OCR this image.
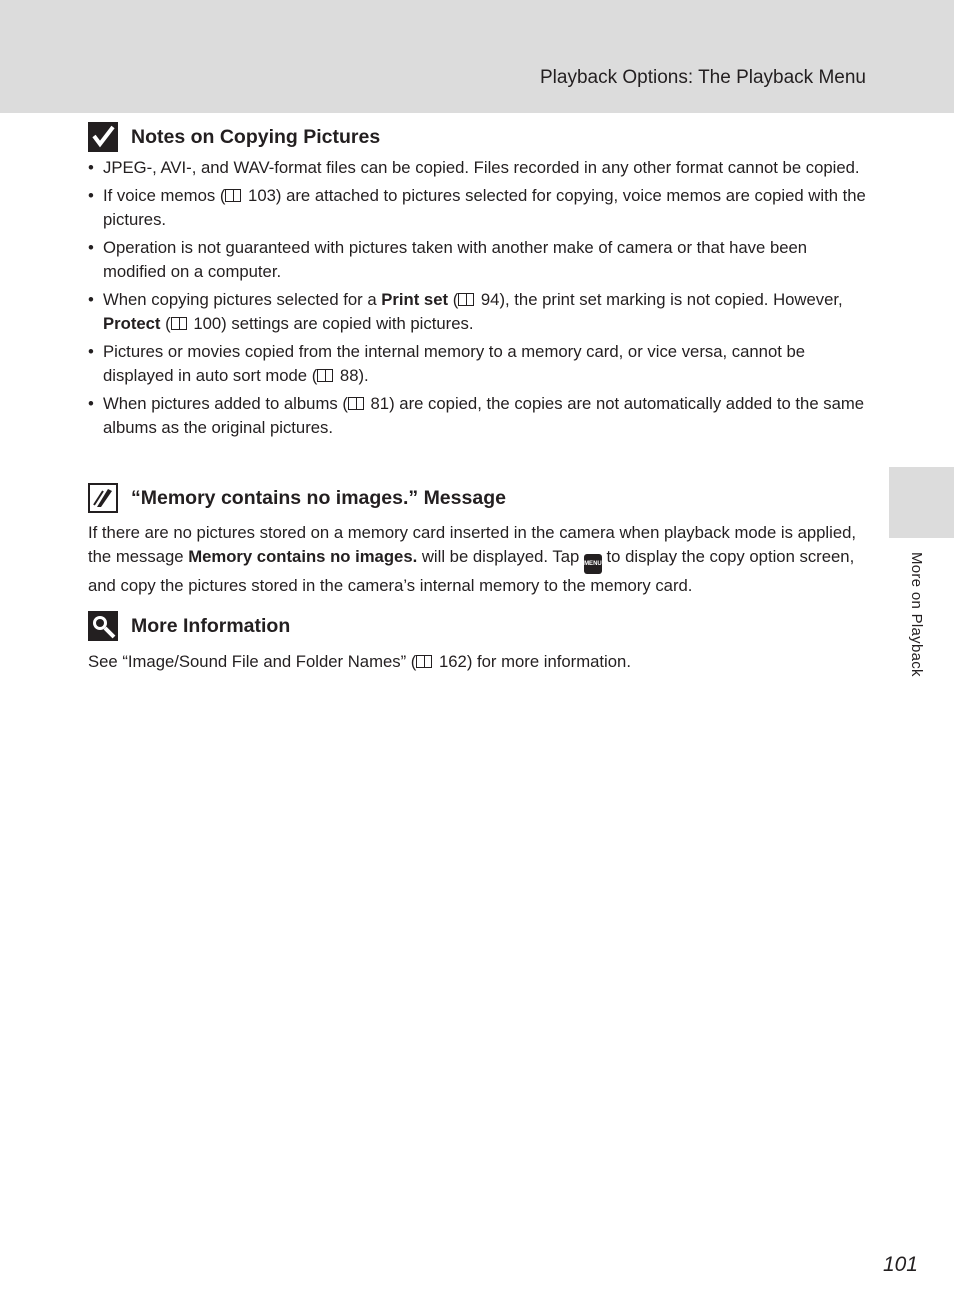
Playback Options: The Playback Menu
More on Playback
Notes on Copying Pictures
• JPEG-, AVI-, and WAV-format files can be copied. Files recorded in any other format cannot be copied.
• If voice memos ( 103) are attached to pictures selected for copying, voice memos are copied with the pictures.
• Operation is not guaranteed with pictures taken with another make of camera or that have been modified on a computer.
• When copying pictures selected for a Print set ( 94), the print set marking is not copied. However, Protect ( 100) settings are copied with pictures.
• Pictures or movies copied from the internal memory to a memory card, or vice versa, cannot be displayed in auto sort mode ( 88).
• When pictures added to albums ( 81) are copied, the copies are not automatically added to the same albums as the original pictures.
“Memory contains no images.” Message

If there are no pictures stored on a memory card inserted in the camera when playback mode is applied, the message Memory contains no images. will be displayed. Tap MENU to display the copy option screen, and copy the pictures stored in the camera’s internal memory to the memory card.

More Information

See “Image/Sound File and Folder Names” ( 162) for more information.

101
